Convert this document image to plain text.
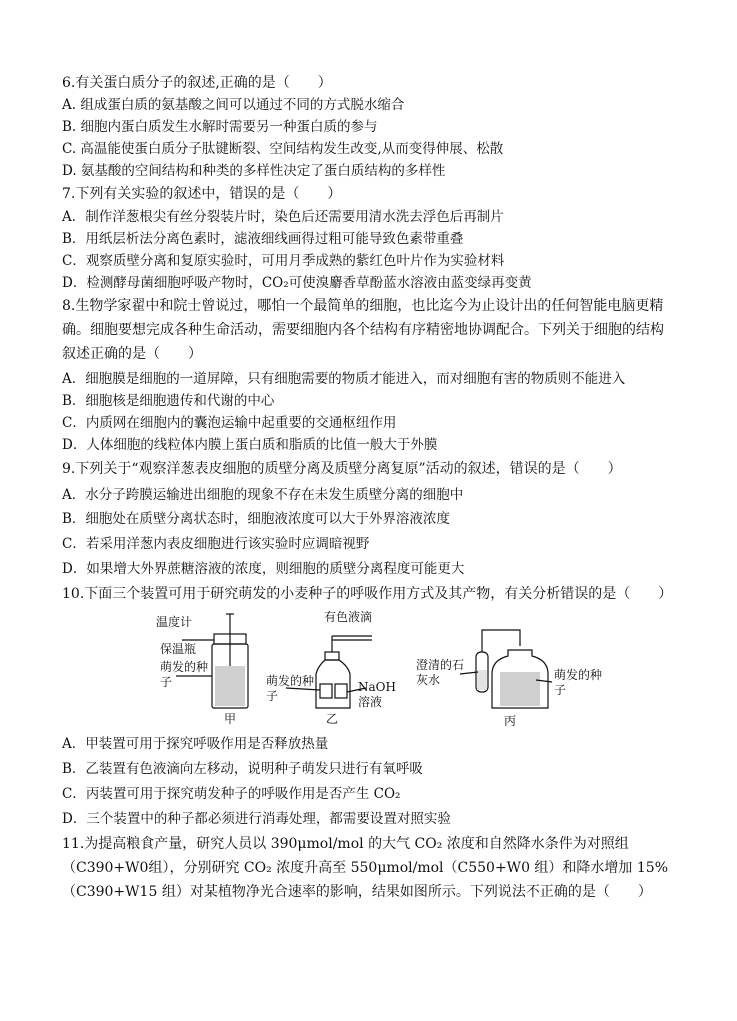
6.有关蛋白质分子的叙述,正确的是（　　）
A. 组成蛋白质的氨基酸之间可以通过不同的方式脱水缩合
B. 细胞内蛋白质发生水解时需要另一种蛋白质的参与
C. 高温能使蛋白质分子肽键断裂、空间结构发生改变,从而变得伸展、松散
D. 氨基酸的空间结构和种类的多样性决定了蛋白质结构的多样性
7.下列有关实验的叙述中，错误的是（　　）
A．制作洋葱根尖有丝分裂装片时，染色后还需要用清水洗去浮色后再制片
B．用纸层析法分离色素时，滤液细线画得过粗可能导致色素带重叠
C．观察质壁分离和复原实验时，可用月季成熟的紫红色叶片作为实验材料
D．检测酵母菌细胞呼吸产物时，CO₂可使溴麝香草酚蓝水溶液由蓝变绿再变黄
8.生物学家翟中和院士曾说过，哪怕一个最简单的细胞，也比迄今为止设计出的任何智能电脑更精确。细胞要想完成各种生命活动，需要细胞内各个结构有序精密地协调配合。下列关于细胞的结构叙述正确的是（　　）
A．细胞膜是细胞的一道屏障，只有细胞需要的物质才能进入，而对细胞有害的物质则不能进入
B．细胞核是细胞遗传和代谢的中心
C．内质网在细胞内的囊泡运输中起重要的交通枢纽作用
D．人体细胞的线粒体内膜上蛋白质和脂质的比值一般大于外膜
9.下列关于“观察洋葱表皮细胞的质壁分离及质壁分离复原”活动的叙述，错误的是（　　）
A．水分子跨膜运输进出细胞的现象不存在未发生质壁分离的细胞中
B．细胞处在质壁分离状态时，细胞液浓度可以大于外界溶液浓度
C．若采用洋葱内表皮细胞进行该实验时应调暗视野
D．如果增大外界蔗糖溶液的浓度，则细胞的质壁分离程度可能更大
10.下面三个装置可用于研究萌发的小麦种子的呼吸作用方式及其产物，有关分析错误的是（　　）
温度计
保温瓶
萌发的种子
甲
有色液滴
萌发的种子
NaOH溶液
乙
澄清的石灰水	萌发的种子
丙
A．甲装置可用于探究呼吸作用是否释放热量
B．乙装置有色液滴向左移动，说明种子萌发只进行有氧呼吸
C．丙装置可用于探究萌发种子的呼吸作用是否产生 CO₂
D．三个装置中的种子都必须进行消毒处理，都需要设置对照实验
11.为提高粮食产量，研究人员以 390μmol/mol 的大气 CO₂ 浓度和自然降水条件为对照组（C390+W0组），分别研究 CO₂ 浓度升高至 550μmol/mol（C550+W0 组）和降水增加 15%（C390+W15 组）对某植物净光合速率的影响，结果如图所示。下列说法不正确的是（　　）
